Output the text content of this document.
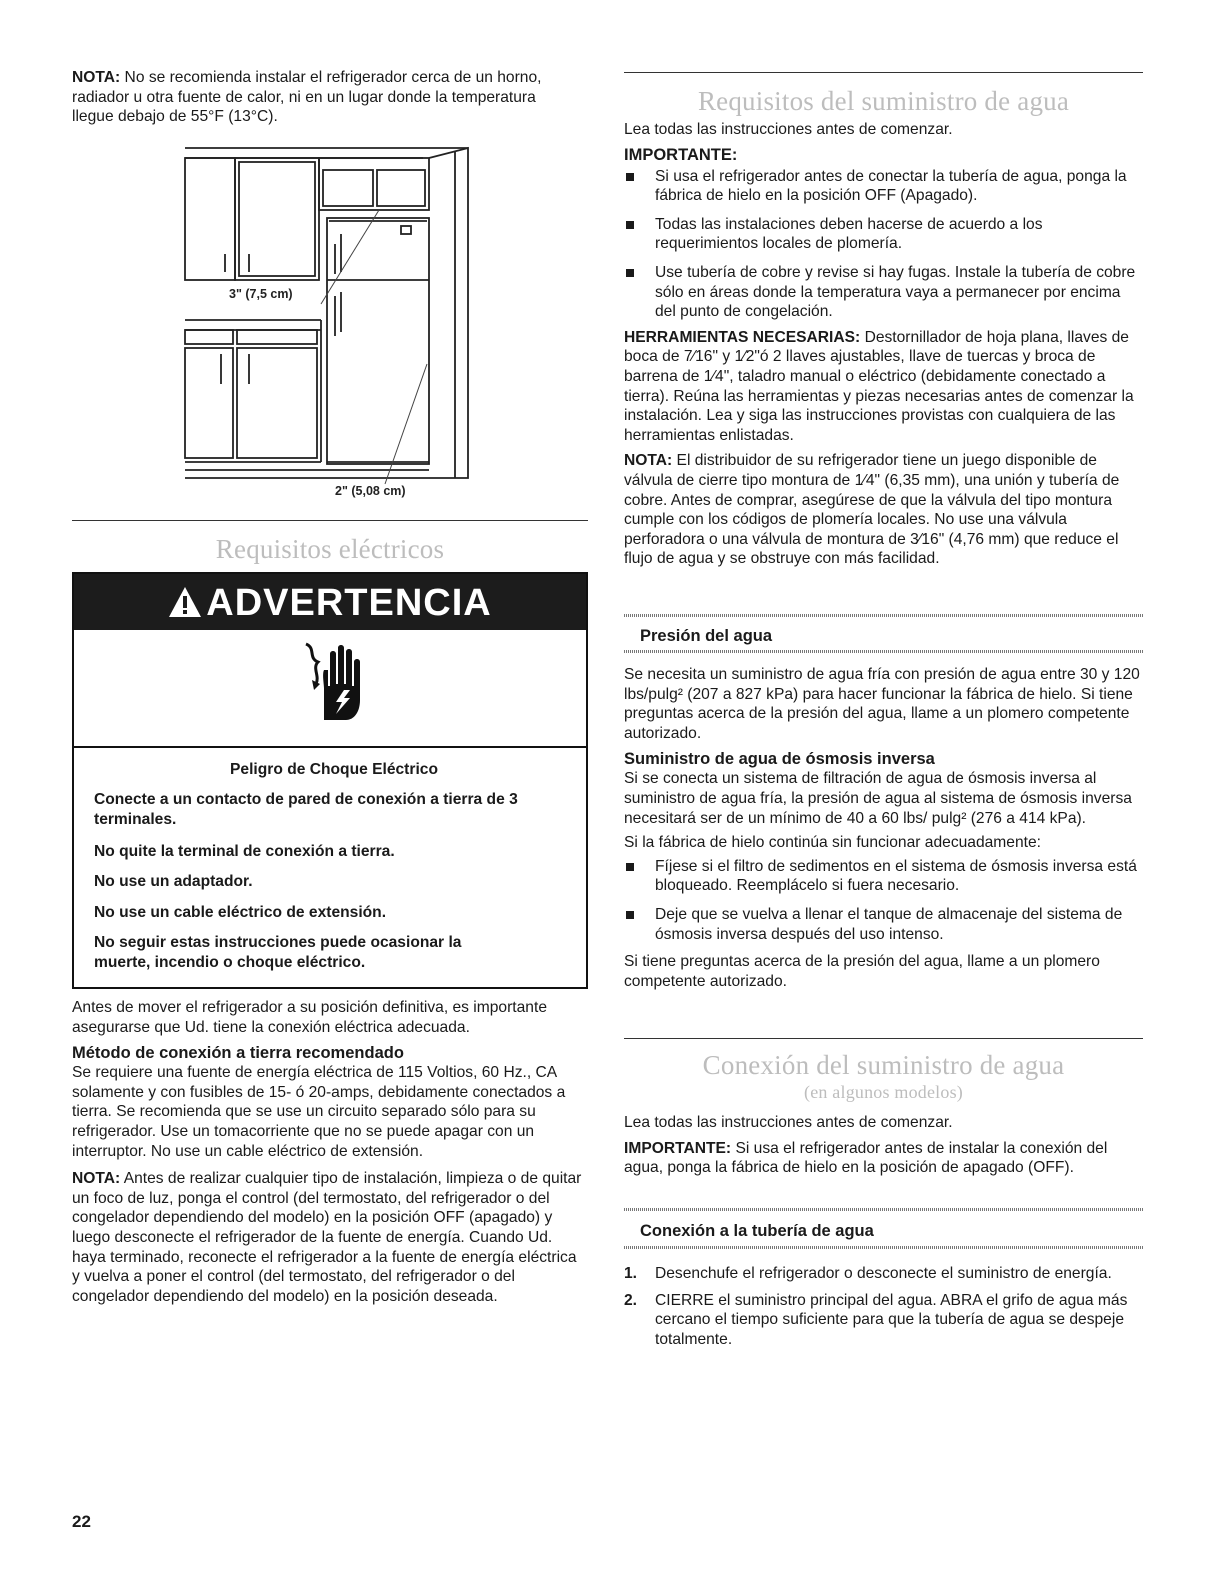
NOTA: No se recomienda instalar el refrigerador cerca de un horno, radiador u otra fuente de calor, ni en un lugar donde la temperatura llegue debajo de 55°F (13°C).

3" (7,5 cm)
2" (5,08 cm)
Requisitos eléctricos
ADVERTENCIA
Peligro de Choque Eléctrico
Conecte a un contacto de pared de conexión a tierra de 3 terminales.
No quite la terminal de conexión a tierra.
No use un adaptador.
No use un cable eléctrico de extensión.
No seguir estas instrucciones puede ocasionar la muerte, incendio o choque eléctrico.

Antes de mover el refrigerador a su posición definitiva, es importante asegurarse que Ud. tiene la conexión eléctrica adecuada.

Método de conexión a tierra recomendado

Se requiere una fuente de energía eléctrica de 115 Voltios, 60 Hz., CA solamente y con fusibles de 15- ó 20-amps, debidamente conectados a tierra. Se recomienda que se use un circuito separado sólo para su refrigerador. Use un tomacorriente que no se puede apagar con un interruptor. No use un cable eléctrico de extensión.

NOTA: Antes de realizar cualquier tipo de instalación, limpieza o de quitar un foco de luz, ponga el control (del termostato, del refrigerador o del congelador dependiendo del modelo) en la posición OFF (apagado) y luego desconecte el refrigerador de la fuente de energía. Cuando Ud. haya terminado, reconecte el refrigerador a la fuente de energía eléctrica y vuelva a poner el control (del termostato, del refrigerador o del congelador dependiendo del modelo) en la posición deseada.

22
Requisitos del suministro de agua

Lea todas las instrucciones antes de comenzar.

IMPORTANTE:
Si usa el refrigerador antes de conectar la tubería de agua, ponga la fábrica de hielo en la posición OFF (Apagado).
Todas las instalaciones deben hacerse de acuerdo a los requerimientos locales de plomería.
Use tubería de cobre y revise si hay fugas. Instale la tubería de cobre sólo en áreas donde la temperatura vaya a permanecer por encima del punto de congelación.

HERRAMIENTAS NECESARIAS: Destornillador de hoja plana, llaves de boca de 7⁄16" y 1⁄2"ó 2 llaves ajustables, llave de tuercas y broca de barrena de 1⁄4", taladro manual o eléctrico (debidamente conectado a tierra). Reúna las herramientas y piezas necesarias antes de comenzar la instalación. Lea y siga las instrucciones provistas con cualquiera de las herramientas enlistadas.

NOTA: El distribuidor de su refrigerador tiene un juego disponible de válvula de cierre tipo montura de 1⁄4" (6,35 mm), una unión y tubería de cobre. Antes de comprar, asegúrese de que la válvula del tipo montura cumple con los códigos de plomería locales. No use una válvula perforadora o una válvula de montura de 3⁄16" (4,76 mm) que reduce el flujo de agua y se obstruye con más facilidad.

Presión del agua

Se necesita un suministro de agua fría con presión de agua entre 30 y 120 lbs/pulg² (207 a 827 kPa) para hacer funcionar la fábrica de hielo. Si tiene preguntas acerca de la presión del agua, llame a un plomero competente autorizado.

Suministro de agua de ósmosis inversa

Si se conecta un sistema de filtración de agua de ósmosis inversa al suministro de agua fría, la presión de agua al sistema de ósmosis inversa necesitará ser de un mínimo de 40 a 60 lbs/ pulg² (276 a 414 kPa).

Si la fábrica de hielo continúa sin funcionar adecuadamente:

Fíjese si el filtro de sedimentos en el sistema de ósmosis inversa está bloqueado. Reemplácelo si fuera necesario.
Deje que se vuelva a llenar el tanque de almacenaje del sistema de ósmosis inversa después del uso intenso.

Si tiene preguntas acerca de la presión del agua, llame a un plomero competente autorizado.

Conexión del suministro de agua
(en algunos modelos)

Lea todas las instrucciones antes de comenzar.

IMPORTANTE: Si usa el refrigerador antes de instalar la conexión del agua, ponga la fábrica de hielo en la posición de apagado (OFF).

Conexión a la tubería de agua
1. Desenchufe el refrigerador o desconecte el suministro de energía.
2. CIERRE el suministro principal del agua. ABRA el grifo de agua más cercano el tiempo suficiente para que la tubería de agua se despeje totalmente.
